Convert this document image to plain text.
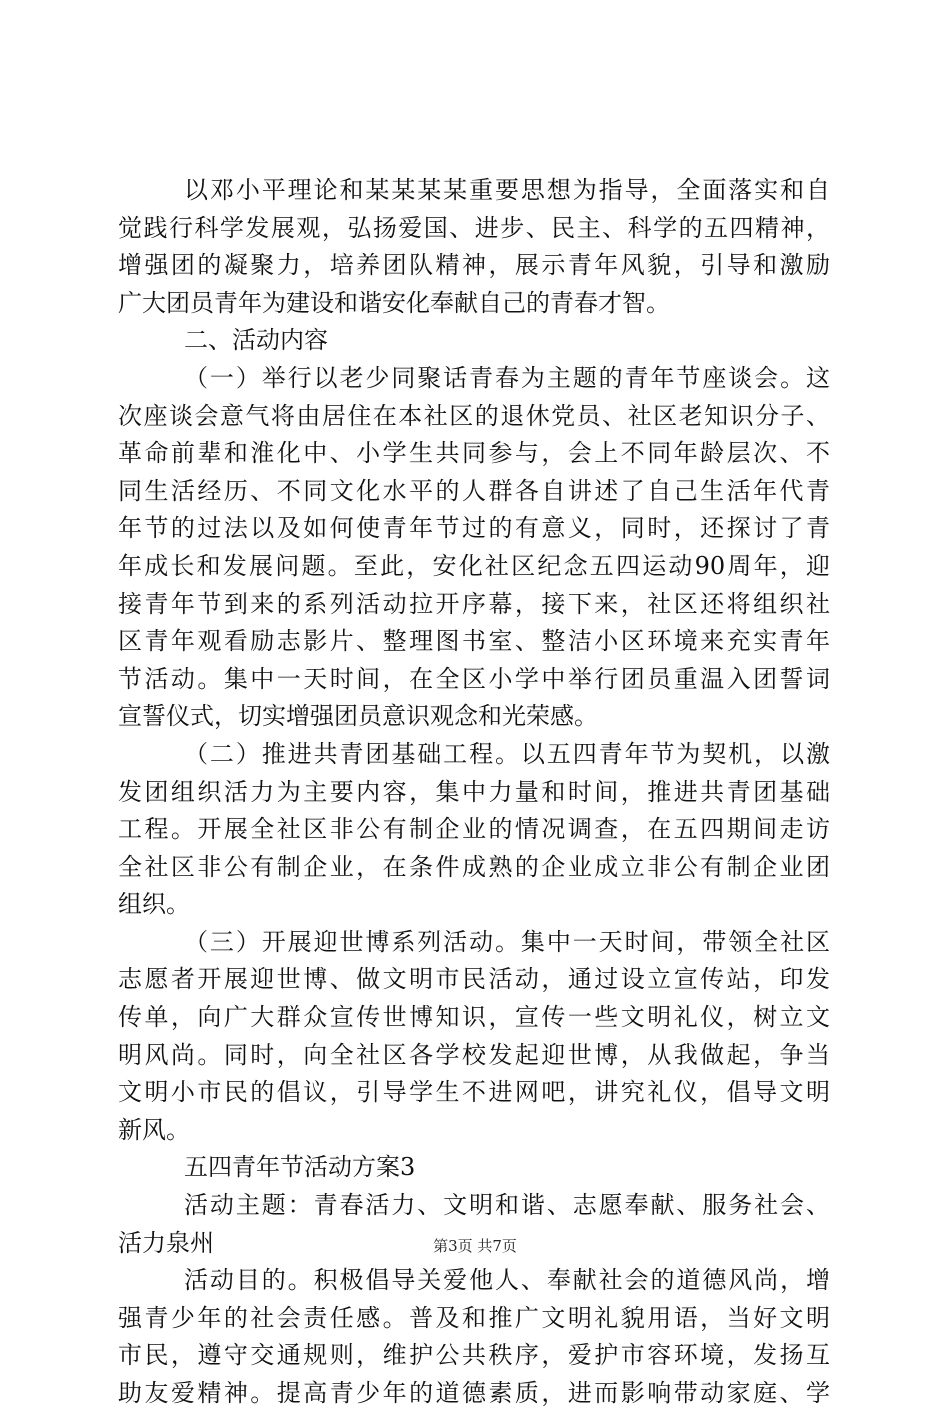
以邓小平理论和某某某某重要思想为指导，全面落实和自
觉践行科学发展观，弘扬爱国、进步、民主、科学的五四精神，
增强团的凝聚力，培养团队精神，展示青年风貌，引导和激励
广大团员青年为建设和谐安化奉献自己的青春才智。
二、活动内容
（一）举行以老少同聚话青春为主题的青年节座谈会。这
次座谈会意气将由居住在本社区的退休党员、社区老知识分子、
革命前辈和淮化中、小学生共同参与，会上不同年龄层次、不
同生活经历、不同文化水平的人群各自讲述了自己生活年代青
年节的过法以及如何使青年节过的有意义，同时，还探讨了青
年成长和发展问题。至此，安化社区纪念五四运动90周年，迎
接青年节到来的系列活动拉开序幕，接下来，社区还将组织社
区青年观看励志影片、整理图书室、整洁小区环境来充实青年
节活动。集中一天时间，在全区小学中举行团员重温入团誓词
宣誓仪式，切实增强团员意识观念和光荣感。
（二）推进共青团基础工程。以五四青年节为契机，以激
发团组织活力为主要内容，集中力量和时间，推进共青团基础
工程。开展全社区非公有制企业的情况调查，在五四期间走访
全社区非公有制企业，在条件成熟的企业成立非公有制企业团
组织。
（三）开展迎世博系列活动。集中一天时间，带领全社区
志愿者开展迎世博、做文明市民活动，通过设立宣传站，印发
传单，向广大群众宣传世博知识，宣传一些文明礼仪，树立文
明风尚。同时，向全社区各学校发起迎世博，从我做起，争当
文明小市民的倡议，引导学生不进网吧，讲究礼仪，倡导文明
新风。
五四青年节活动方案3
活动主题：青春活力、文明和谐、志愿奉献、服务社会、
活力泉州
活动目的。积极倡导关爱他人、奉献社会的道德风尚，增
强青少年的社会责任感。普及和推广文明礼貌用语，当好文明
市民，遵守交通规则，维护公共秩序，爱护市容环境，发扬互
助友爱精神。提高青少年的道德素质，进而影响带动家庭、学
第3页 共7页
